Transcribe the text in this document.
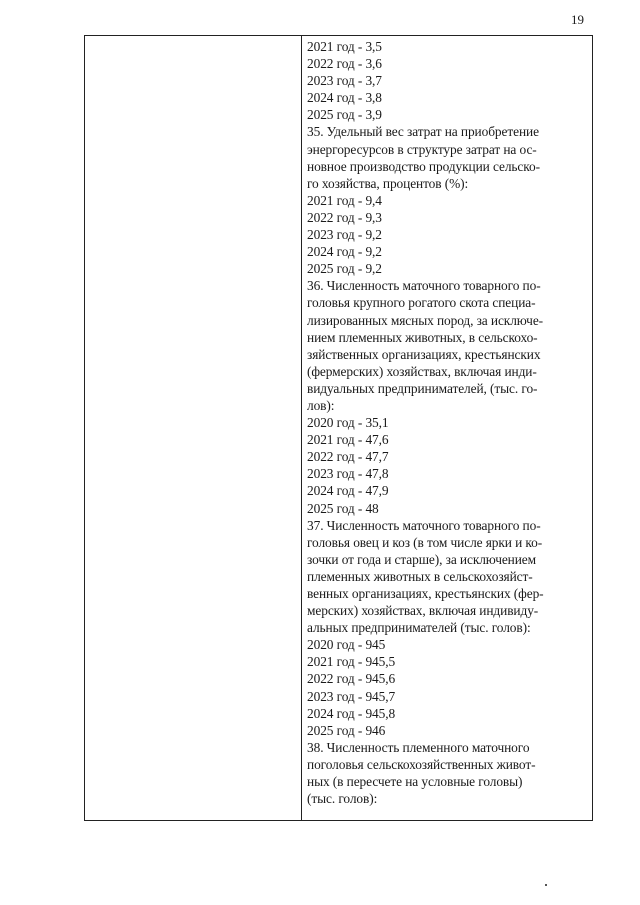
19
2021 год - 3,5
2022 год - 3,6
2023 год - 3,7
2024 год - 3,8
2025 год - 3,9
35. Удельный вес затрат на приобретение
энергоресурсов в структуре затрат на ос-
новное производство продукции сельско-
го хозяйства, процентов (%):
2021 год - 9,4
2022 год - 9,3
2023 год - 9,2
2024 год - 9,2
2025 год - 9,2
36. Численность маточного товарного по-
головья крупного рогатого скота специа-
лизированных мясных пород, за исключе-
нием племенных животных, в сельскохо-
зяйственных организациях, крестьянских
(фермерских) хозяйствах, включая инди-
видуальных предпринимателей, (тыс. го-
лов):
2020 год - 35,1
2021 год - 47,6
2022 год - 47,7
2023 год - 47,8
2024 год - 47,9
2025 год - 48
37. Численность маточного товарного по-
головья овец и коз (в том числе ярки и ко-
зочки от года и старше), за исключением
племенных животных в сельскохозяйст-
венных организациях, крестьянских (фер-
мерских) хозяйствах, включая индивиду-
альных предпринимателей (тыс. голов):
2020 год - 945
2021 год - 945,5
2022 год - 945,6
2023 год - 945,7
2024 год - 945,8
2025 год - 946
38. Численность племенного маточного
поголовья сельскохозяйственных живот-
ных (в пересчете на условные головы)
(тыс. голов):
